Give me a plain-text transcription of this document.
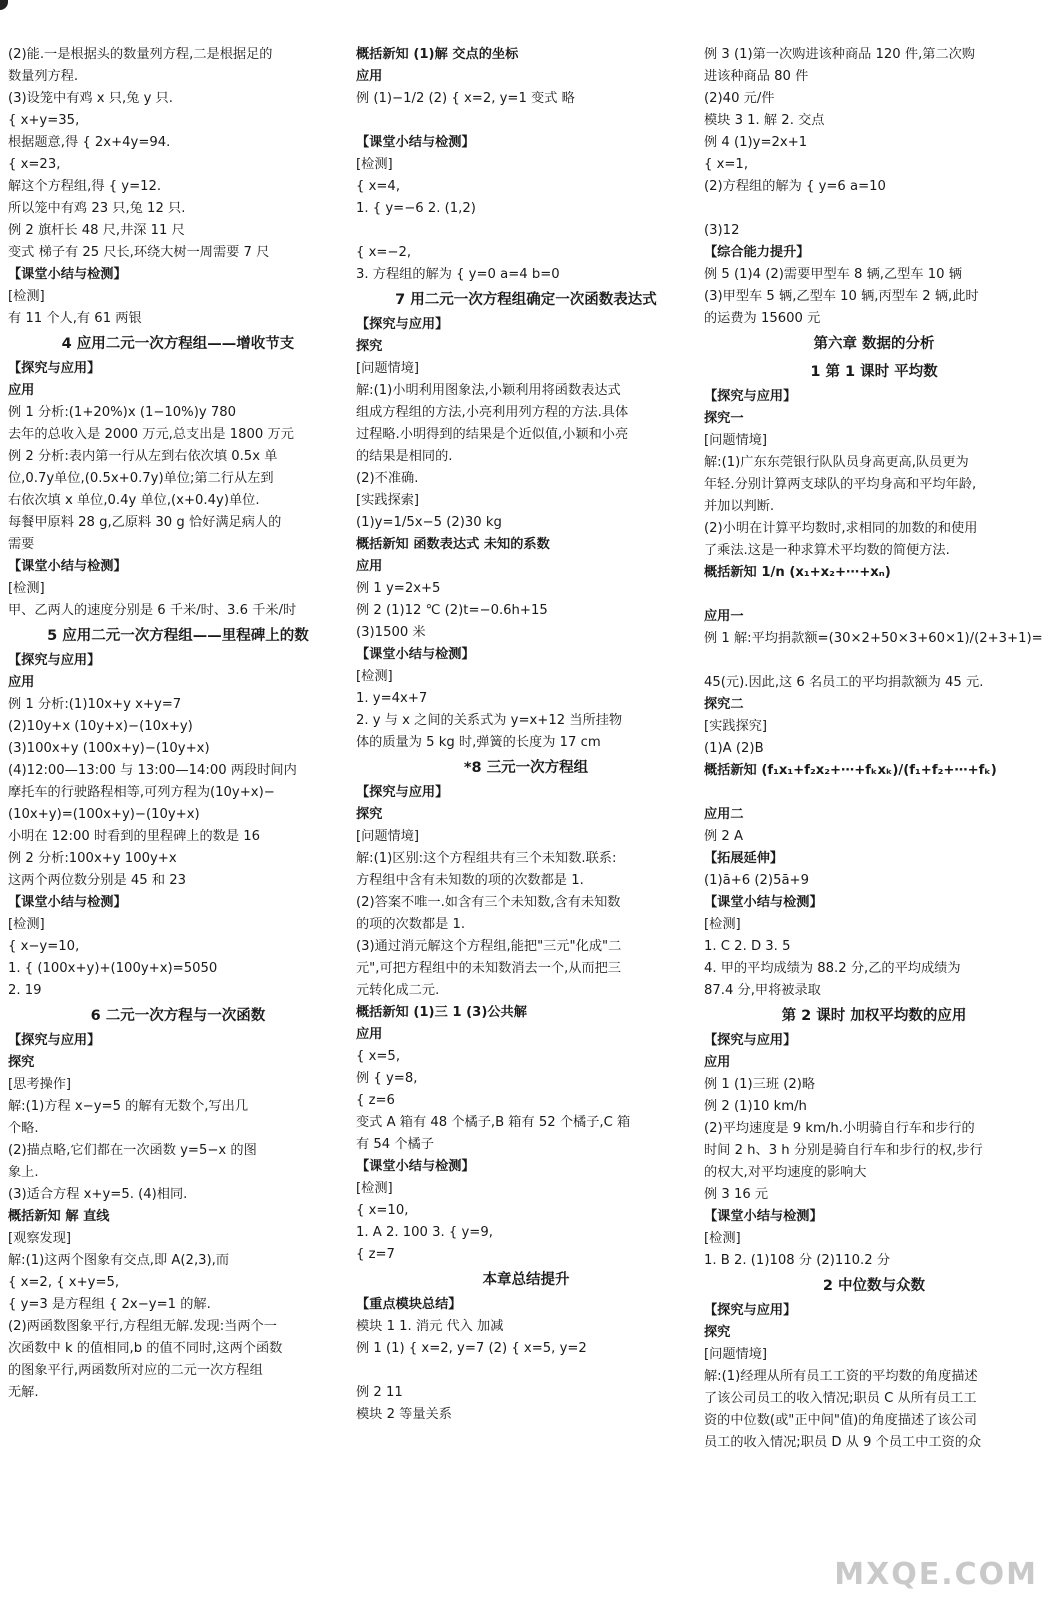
(2)能.一是根据头的数量列方程,二是根据足的
数量列方程.
(3)设笼中有鸡 x 只,兔 y 只.
{ x+y=35,
根据题意,得 { 2x+4y=94.
{ x=23,
解这个方程组,得 { y=12.
所以笼中有鸡 23 只,兔 12 只.
例 2 旗杆长 48 尺,井深 11 尺
变式 梯子有 25 尺长,环绕大树一周需要 7 尺
【课堂小结与检测】
[检测]
有 11 个人,有 61 两银
4 应用二元一次方程组——增收节支
【探究与应用】
应用
例 1 分析:(1+20%)x (1−10%)y 780
去年的总收入是 2000 万元,总支出是 1800 万元
例 2 分析:表内第一行从左到右依次填 0.5x 单
位,0.7y单位,(0.5x+0.7y)单位;第二行从左到
右依次填 x 单位,0.4y 单位,(x+0.4y)单位.
每餐甲原料 28 g,乙原料 30 g 恰好满足病人的
需要
【课堂小结与检测】
[检测]
甲、乙两人的速度分别是 6 千米/时、3.6 千米/时
5 应用二元一次方程组——里程碑上的数
【探究与应用】
应用
例 1 分析:(1)10x+y x+y=7
(2)10y+x (10y+x)−(10x+y)
(3)100x+y (100x+y)−(10y+x)
(4)12:00—13:00 与 13:00—14:00 两段时间内
摩托车的行驶路程相等,可列方程为(10y+x)−
(10x+y)=(100x+y)−(10y+x)
小明在 12:00 时看到的里程碑上的数是 16
例 2 分析:100x+y 100y+x
这两个两位数分别是 45 和 23
【课堂小结与检测】
[检测]
{ x−y=10,
1. { (100x+y)+(100y+x)=5050
2. 19
6 二元一次方程与一次函数
【探究与应用】
探究
[思考操作]
解:(1)方程 x−y=5 的解有无数个,写出几
个略.
(2)描点略,它们都在一次函数 y=5−x 的图
象上.
(3)适合方程 x+y=5. (4)相同.
概括新知 解 直线
[观察发现]
解:(1)这两个图象有交点,即 A(2,3),而
{ x=2, { x+y=5,
{ y=3 是方程组 { 2x−y=1 的解.
(2)两函数图象平行,方程组无解.发现:当两个一
次函数中 k 的值相同,b 的值不同时,这两个函数
的图象平行,两函数所对应的二元一次方程组
无解.
概括新知 (1)解 交点的坐标
应用
例 (1)−1/2 (2) { x=2, y=1 变式 略

【课堂小结与检测】
[检测]
{ x=4,
1. { y=−6 2. (1,2)

{ x=−2,
3. 方程组的解为 { y=0 a=4 b=0
7 用二元一次方程组确定一次函数表达式
【探究与应用】
探究
[问题情境]
解:(1)小明利用图象法,小颖利用将函数表达式
组成方程组的方法,小亮利用列方程的方法.具体
过程略.小明得到的结果是个近似值,小颖和小亮
的结果是相同的.
(2)不准确.
[实践探索]
(1)y=1/5x−5 (2)30 kg
概括新知 函数表达式 未知的系数
应用
例 1 y=2x+5
例 2 (1)12 ℃ (2)t=−0.6h+15
(3)1500 米
【课堂小结与检测】
[检测]
1. y=4x+7
2. y 与 x 之间的关系式为 y=x+12 当所挂物
体的质量为 5 kg 时,弹簧的长度为 17 cm
*8 三元一次方程组
【探究与应用】
探究
[问题情境]
解:(1)区别:这个方程组共有三个未知数.联系:
方程组中含有未知数的项的次数都是 1.
(2)答案不唯一.如含有三个未知数,含有未知数
的项的次数都是 1.
(3)通过消元解这个方程组,能把"三元"化成"二
元",可把方程组中的未知数消去一个,从而把三
元转化成二元.
概括新知 (1)三 1 (3)公共解
应用
{ x=5,
例 { y=8,
{ z=6
变式 A 箱有 48 个橘子,B 箱有 52 个橘子,C 箱
有 54 个橘子
【课堂小结与检测】
[检测]
{ x=10,
1. A 2. 100 3. { y=9,
{ z=7
本章总结提升
【重点模块总结】
模块 1 1. 消元 代入 加减
例 1 (1) { x=2, y=7 (2) { x=5, y=2

例 2 11
模块 2 等量关系
例 3 (1)第一次购进该种商品 120 件,第二次购
进该种商品 80 件
(2)40 元/件
模块 3 1. 解 2. 交点
例 4 (1)y=2x+1
{ x=1,
(2)方程组的解为 { y=6 a=10

(3)12
【综合能力提升】
例 5 (1)4 (2)需要甲型车 8 辆,乙型车 10 辆
(3)甲型车 5 辆,乙型车 10 辆,丙型车 2 辆,此时
的运费为 15600 元
第六章 数据的分析
1 第 1 课时 平均数
【探究与应用】
探究一
[问题情境]
解:(1)广东东莞银行队队员身高更高,队员更为
年轻.分别计算两支球队的平均身高和平均年龄,
并加以判断.
(2)小明在计算平均数时,求相同的加数的和使用
了乘法.这是一种求算术平均数的简便方法.
概括新知 1/n (x₁+x₂+⋯+xₙ)

应用一
例 1 解:平均捐款额=(30×2+50×3+60×1)/(2+3+1)=

45(元).因此,这 6 名员工的平均捐款额为 45 元.
探究二
[实践探究]
(1)A (2)B
概括新知 (f₁x₁+f₂x₂+⋯+fₖxₖ)/(f₁+f₂+⋯+fₖ)

应用二
例 2 A
【拓展延伸】
(1)ā+6 (2)5ā+9
【课堂小结与检测】
[检测]
1. C 2. D 3. 5
4. 甲的平均成绩为 88.2 分,乙的平均成绩为
87.4 分,甲将被录取
第 2 课时 加权平均数的应用
【探究与应用】
应用
例 1 (1)三班 (2)略
例 2 (1)10 km/h
(2)平均速度是 9 km/h.小明骑自行车和步行的
时间 2 h、3 h 分别是骑自行车和步行的权,步行
的权大,对平均速度的影响大
例 3 16 元
【课堂小结与检测】
[检测]
1. B 2. (1)108 分 (2)110.2 分
2 中位数与众数
【探究与应用】
探究
[问题情境]
解:(1)经理从所有员工工资的平均数的角度描述
了该公司员工的收入情况;职员 C 从所有员工工
资的中位数(或"正中间"值)的角度描述了该公司
员工的收入情况;职员 D 从 9 个员工中工资的众
MXQE.COM
